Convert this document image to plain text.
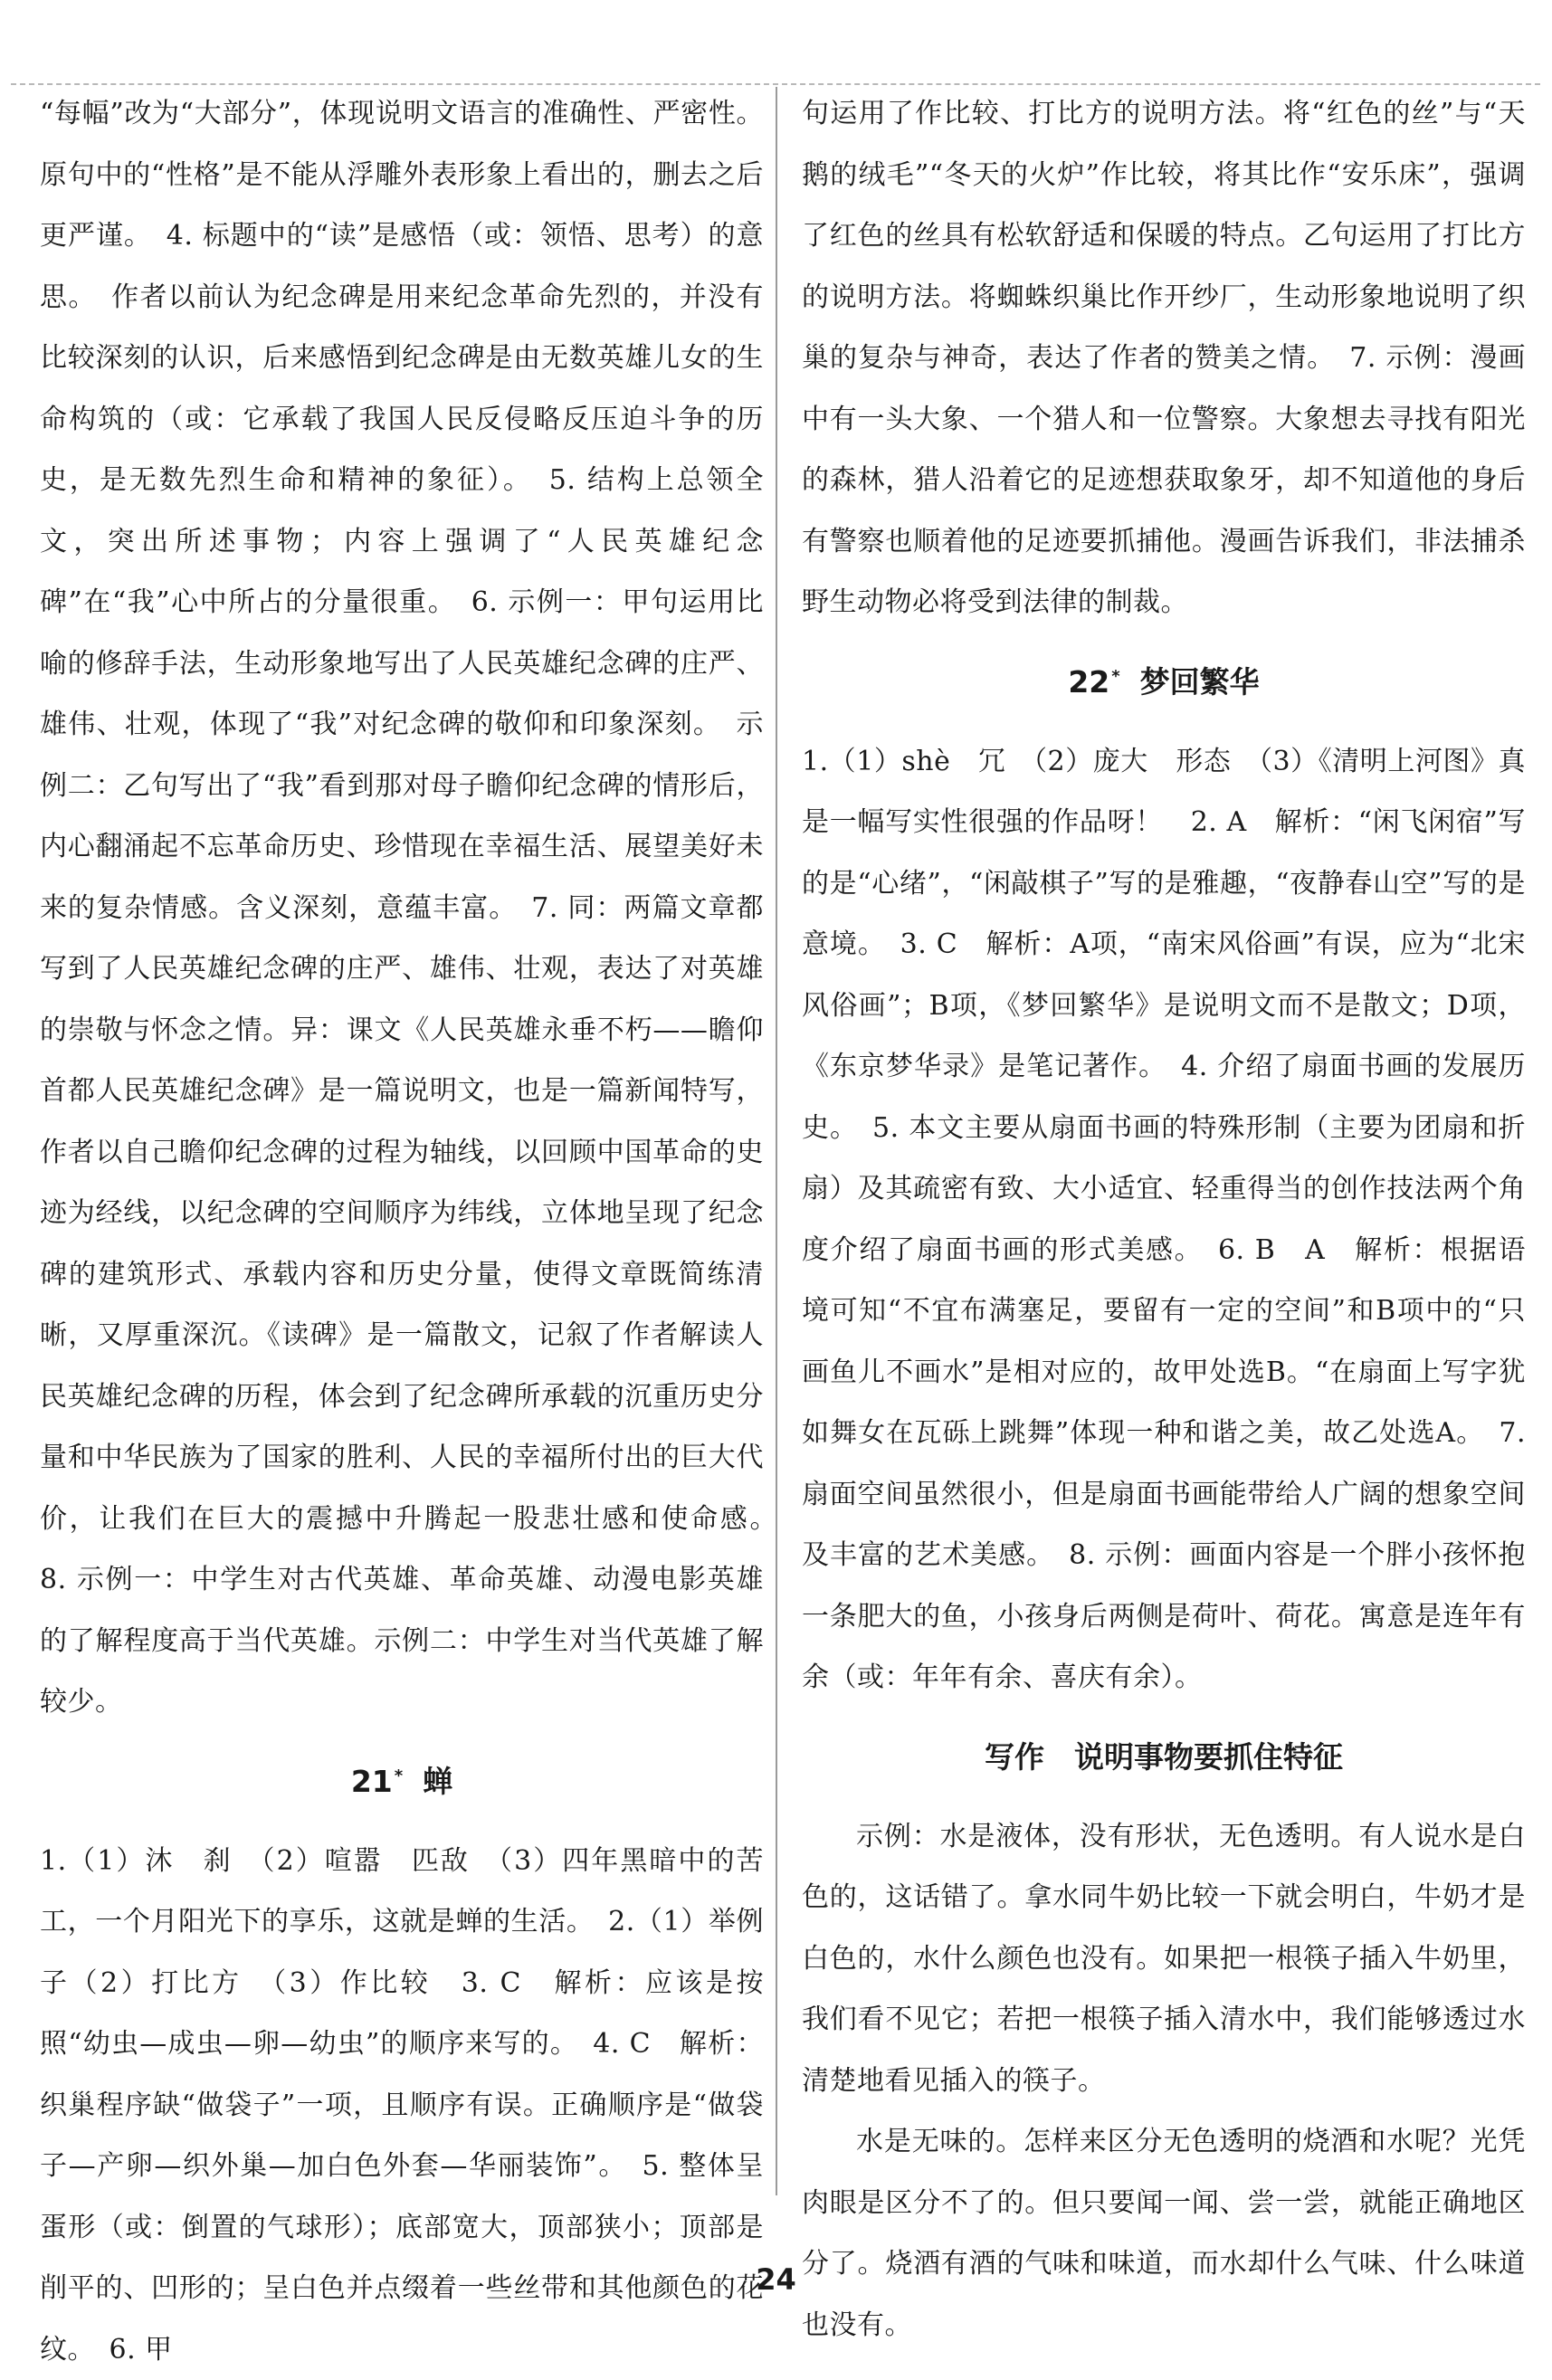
“每幅”改为“大部分”，体现说明文语言的准确性、严密性。原句中的“性格”是不能从浮雕外表形象上看出的，删去之后更严谨。　4. 标题中的“读”是感悟（或：领悟、思考）的意思。　作者以前认为纪念碑是用来纪念革命先烈的，并没有比较深刻的认识，后来感悟到纪念碑是由无数英雄儿女的生命构筑的（或：它承载了我国人民反侵略反压迫斗争的历史，是无数先烈生命和精神的象征）。　5. 结构上总领全文，突出所述事物；内容上强调了“人民英雄纪念碑”在“我”心中所占的分量很重。　6. 示例一：甲句运用比喻的修辞手法，生动形象地写出了人民英雄纪念碑的庄严、雄伟、壮观，体现了“我”对纪念碑的敬仰和印象深刻。　示例二：乙句写出了“我”看到那对母子瞻仰纪念碑的情形后，内心翻涌起不忘革命历史、珍惜现在幸福生活、展望美好未来的复杂情感。含义深刻，意蕴丰富。　7. 同：两篇文章都写到了人民英雄纪念碑的庄严、雄伟、壮观，表达了对英雄的崇敬与怀念之情。异：课文《人民英雄永垂不朽——瞻仰首都人民英雄纪念碑》是一篇说明文，也是一篇新闻特写，作者以自己瞻仰纪念碑的过程为轴线，以回顾中国革命的史迹为经线，以纪念碑的空间顺序为纬线，立体地呈现了纪念碑的建筑形式、承载内容和历史分量，使得文章既简练清晰，又厚重深沉。《读碑》是一篇散文，记叙了作者解读人民英雄纪念碑的历程，体会到了纪念碑所承载的沉重历史分量和中华民族为了国家的胜利、人民的幸福所付出的巨大代价，让我们在巨大的震撼中升腾起一股悲壮感和使命感。　8. 示例一：中学生对古代英雄、革命英雄、动漫电影英雄的了解程度高于当代英雄。示例二：中学生对当代英雄了解较少。

21 * 蝉

1.（1）沐　刹　（2）喧嚣　匹敌　（3）四年黑暗中的苦工，一个月阳光下的享乐，这就是蝉的生活。　2.（1）举例子（2）打比方　（3）作比较　3. C　解析：应该是按照“幼虫—成虫—卵—幼虫”的顺序来写的。　4. C　解析：织巢程序缺“做袋子”一项，且顺序有误。正确顺序是“做袋子—产卵—织外巢—加白色外套—华丽装饰”。　5. 整体呈蛋形（或：倒置的气球形）；底部宽大，顶部狭小；顶部是削平的、凹形的；呈白色并点缀着一些丝带和其他颜色的花纹。　6. 甲

句运用了作比较、打比方的说明方法。将“红色的丝”与“天鹅的绒毛”“冬天的火炉”作比较，将其比作“安乐床”，强调了红色的丝具有松软舒适和保暖的特点。乙句运用了打比方的说明方法。将蜘蛛织巢比作开纱厂，生动形象地说明了织巢的复杂与神奇，表达了作者的赞美之情。　7. 示例：漫画中有一头大象、一个猎人和一位警察。大象想去寻找有阳光的森林，猎人沿着它的足迹想获取象牙，却不知道他的身后有警察也顺着他的足迹要抓捕他。漫画告诉我们，非法捕杀野生动物必将受到法律的制裁。

22 * 梦回繁华

1.（1）shè　冗　（2）庞大　形态　（3）《清明上河图》真是一幅写实性很强的作品呀！　2. A　解析：“闲飞闲宿”写的是“心绪”，“闲敲棋子”写的是雅趣，“夜静春山空”写的是意境。　3. C　解析：A项，“南宋风俗画”有误，应为“北宋风俗画”；B项，《梦回繁华》是说明文而不是散文；D项，《东京梦华录》是笔记著作。　4. 介绍了扇面书画的发展历史。　5. 本文主要从扇面书画的特殊形制（主要为团扇和折扇）及其疏密有致、大小适宜、轻重得当的创作技法两个角度介绍了扇面书画的形式美感。　6. B　A　解析：根据语境可知“不宜布满塞足，要留有一定的空间”和B项中的“只画鱼儿不画水”是相对应的，故甲处选B。“在扇面上写字犹如舞女在瓦砾上跳舞”体现一种和谐之美，故乙处选A。　7. 扇面空间虽然很小，但是扇面书画能带给人广阔的想象空间及丰富的艺术美感。　8. 示例：画面内容是一个胖小孩怀抱一条肥大的鱼，小孩身后两侧是荷叶、荷花。寓意是连年有余（或：年年有余、喜庆有余）。

写作　说明事物要抓住特征

示例：水是液体，没有形状，无色透明。有人说水是白色的，这话错了。拿水同牛奶比较一下就会明白，牛奶才是白色的，水什么颜色也没有。如果把一根筷子插入牛奶里，我们看不见它；若把一根筷子插入清水中，我们能够透过水清楚地看见插入的筷子。

水是无味的。怎样来区分无色透明的烧酒和水呢？光凭肉眼是区分不了的。但只要闻一闻、尝一尝，就能正确地区分了。烧酒有酒的气味和味道，而水却什么气味、什么味道也没有。

24
